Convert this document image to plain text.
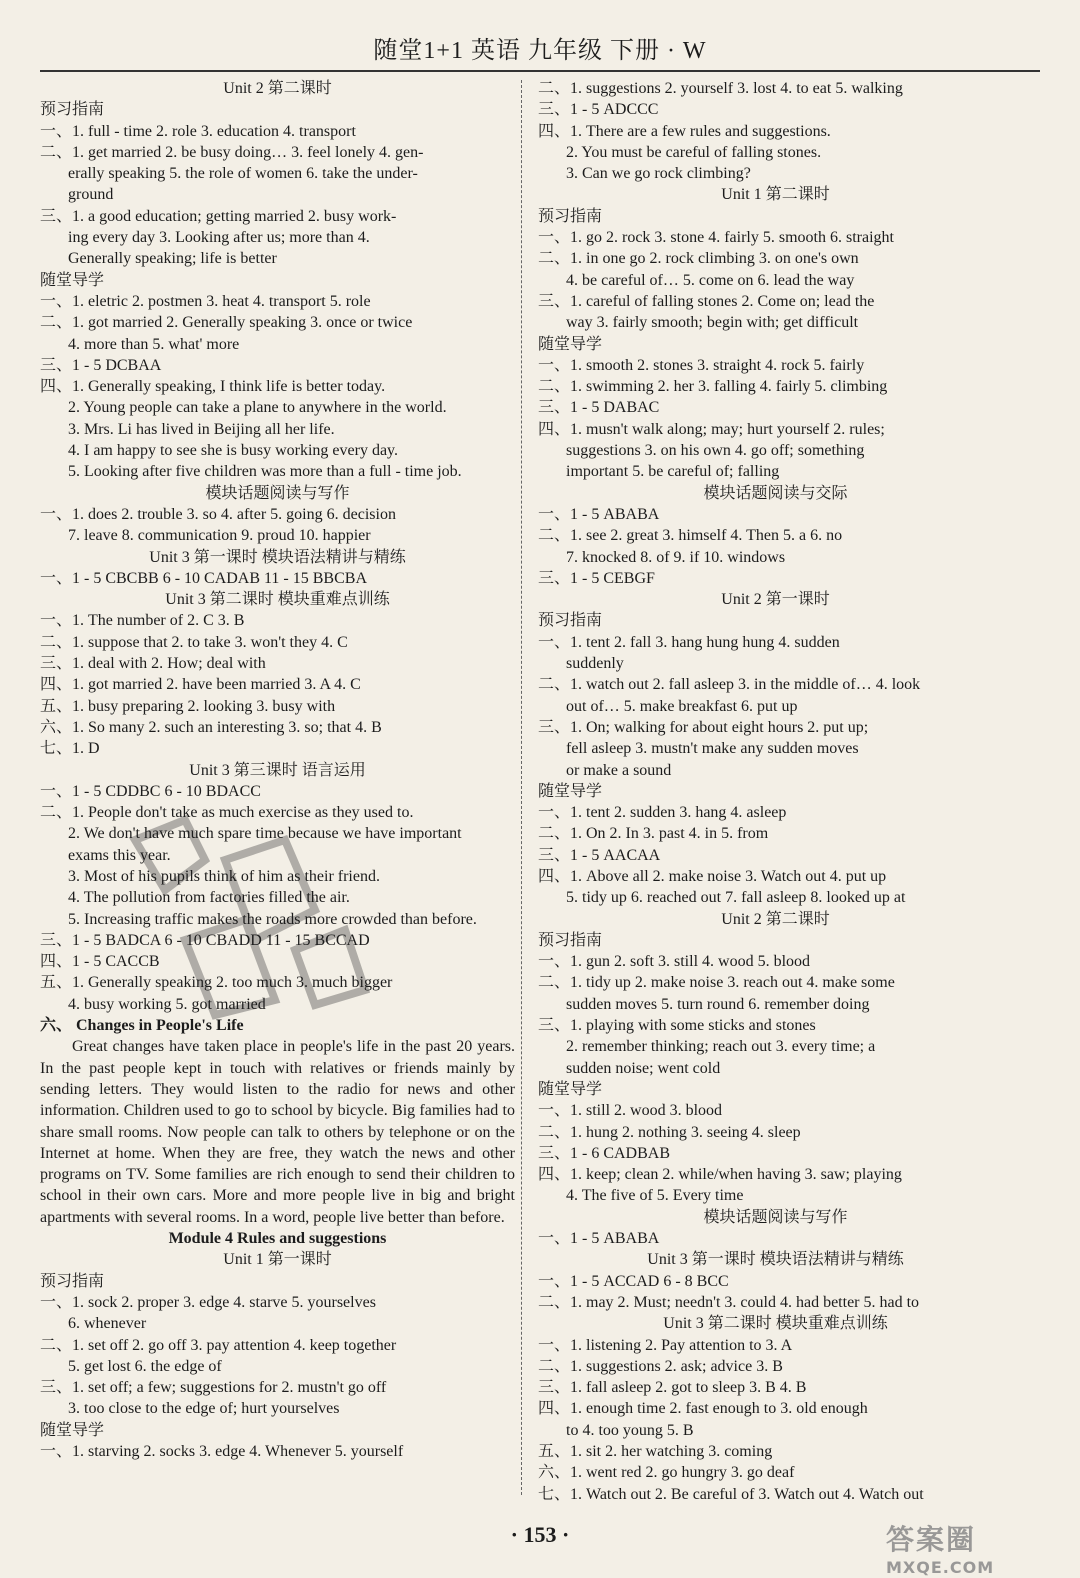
随堂1+1 英语 九年级 下册 · W
Unit 2 第二课时
预习指南
一、1. full - time 2. role 3. education 4. transport
二、1. get married 2. be busy doing… 3. feel lonely 4. gen-
erally speaking 5. the role of women 6. take the under-
ground
三、1. a good education; getting married 2. busy work-
ing every day 3. Looking after us; more than 4.
Generally speaking; life is better
随堂导学
一、1. eletric 2. postmen 3. heat 4. transport 5. role
二、1. got married 2. Generally speaking 3. once or twice
4. more than 5. what' more
三、1 - 5 DCBAA
四、1. Generally speaking, I think life is better today.
2. Young people can take a plane to anywhere in the world.
3. Mrs. Li has lived in Beijing all her life.
4. I am happy to see she is busy working every day.
5. Looking after five children was more than a full - time job.
模块话题阅读与写作
一、1. does 2. trouble 3. so 4. after 5. going 6. decision
7. leave 8. communication 9. proud 10. happier
Unit 3 第一课时 模块语法精讲与精练
一、1 - 5 CBCBB 6 - 10 CADAB 11 - 15 BBCBA
Unit 3 第二课时 模块重难点训练
一、1. The number of 2. C 3. B
二、1. suppose that 2. to take 3. won't they 4. C
三、1. deal with 2. How; deal with
四、1. got married 2. have been married 3. A 4. C
五、1. busy preparing 2. looking 3. busy with
六、1. So many 2. such an interesting 3. so; that 4. B
七、1. D
Unit 3 第三课时 语言运用
一、1 - 5 CDDBC 6 - 10 BDACC
二、1. People don't take as much exercise as they used to.
2. We don't have much spare time because we have important
exams this year.
3. Most of his pupils think of him as their friend.
4. The pollution from factories filled the air.
5. Increasing traffic makes the roads more crowded than before.
三、1 - 5 BADCA 6 - 10 CBADD 11 - 15 BCCAD
四、1 - 5 CACCB
五、1. Generally speaking 2. too much 3. much bigger
4. busy working 5. got married
六、 Changes in People's Life
Great changes have taken place in people's life in the past 20 years. In the past people kept in touch with relatives or friends mainly by sending letters. They would listen to the radio for news and other information. Children used to go to school by bicycle. Big families had to share small rooms. Now people can talk to others by telephone or on the Internet at home. When they are free, they watch the news and other programs on TV. Some families are rich enough to send their children to school in their own cars. More and more people live in big and bright apartments with several rooms. In a word, people live better than before.
Module 4 Rules and suggestions
Unit 1 第一课时
预习指南
一、1. sock 2. proper 3. edge 4. starve 5. yourselves
6. whenever
二、1. set off 2. go off 3. pay attention 4. keep together
5. get lost 6. the edge of
三、1. set off; a few; suggestions for 2. mustn't go off
3. too close to the edge of; hurt yourselves
随堂导学
一、1. starving 2. socks 3. edge 4. Whenever 5. yourself
二、1. suggestions 2. yourself 3. lost 4. to eat 5. walking
三、1 - 5 ADCCC
四、1. There are a few rules and suggestions.
2. You must be careful of falling stones.
3. Can we go rock climbing?
Unit 1 第二课时
预习指南
一、1. go 2. rock 3. stone 4. fairly 5. smooth 6. straight
二、1. in one go 2. rock climbing 3. on one's own
4. be careful of… 5. come on 6. lead the way
三、1. careful of falling stones 2. Come on; lead the
way 3. fairly smooth; begin with; get difficult
随堂导学
一、1. smooth 2. stones 3. straight 4. rock 5. fairly
二、1. swimming 2. her 3. falling 4. fairly 5. climbing
三、1 - 5 DABAC
四、1. musn't walk along; may; hurt yourself 2. rules;
suggestions 3. on his own 4. go off; something
important 5. be careful of; falling
模块话题阅读与交际
一、1 - 5 ABABA
二、1. see 2. great 3. himself 4. Then 5. a 6. no
7. knocked 8. of 9. if 10. windows
三、1 - 5 CEBGF
Unit 2 第一课时
预习指南
一、1. tent 2. fall 3. hang hung hung 4. sudden
suddenly
二、1. watch out 2. fall asleep 3. in the middle of… 4. look
out of… 5. make breakfast 6. put up
三、1. On; walking for about eight hours 2. put up;
fell asleep 3. mustn't make any sudden moves
or make a sound
随堂导学
一、1. tent 2. sudden 3. hang 4. asleep
二、1. On 2. In 3. past 4. in 5. from
三、1 - 5 AACAA
四、1. Above all 2. make noise 3. Watch out 4. put up
5. tidy up 6. reached out 7. fall asleep 8. looked up at
Unit 2 第二课时
预习指南
一、1. gun 2. soft 3. still 4. wood 5. blood
二、1. tidy up 2. make noise 3. reach out 4. make some
sudden moves 5. turn round 6. remember doing
三、1. playing with some sticks and stones
2. remember thinking; reach out 3. every time; a
sudden noise; went cold
随堂导学
一、1. still 2. wood 3. blood
二、1. hung 2. nothing 3. seeing 4. sleep
三、1 - 6 CADBAB
四、1. keep; clean 2. while/when having 3. saw; playing
4. The five of 5. Every time
模块话题阅读与写作
一、1 - 5 ABABA
Unit 3 第一课时 模块语法精讲与精练
一、1 - 5 ACCAD 6 - 8 BCC
二、1. may 2. Must; needn't 3. could 4. had better 5. had to
Unit 3 第二课时 模块重难点训练
一、1. listening 2. Pay attention to 3. A
二、1. suggestions 2. ask; advice 3. B
三、1. fall asleep 2. got to sleep 3. B 4. B
四、1. enough time 2. fast enough to 3. old enough
to 4. too young 5. B
五、1. sit 2. her watching 3. coming
六、1. went red 2. go hungry 3. go deaf
七、1. Watch out 2. Be careful of 3. Watch out 4. Watch out
· 153 ·	答案圈
MXQE.COM
